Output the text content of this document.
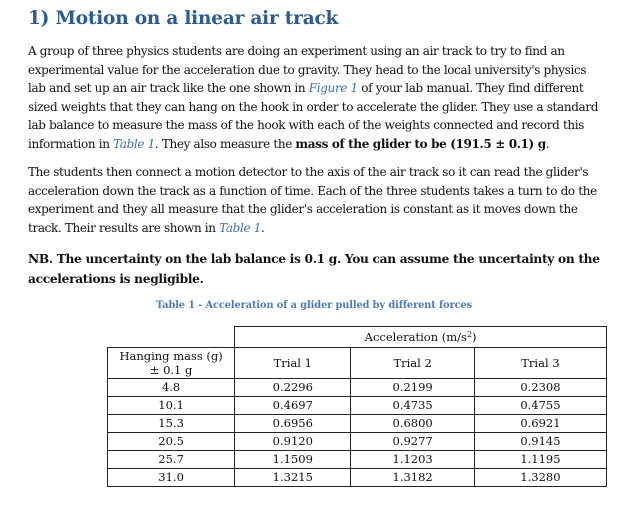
1) Motion on a linear air track

A group of three physics students are doing an experiment using an air track to try to find an experimental value for the acceleration due to gravity. They head to the local university's physics lab and set up an air track like the one shown in Figure 1 of your lab manual. They find different sized weights that they can hang on the hook in order to accelerate the glider. They use a standard lab balance to measure the mass of the hook with each of the weights connected and record this information in Table 1. They also measure the mass of the glider to be (191.5 ± 0.1) g.

The students then connect a motion detector to the axis of the air track so it can read the glider's acceleration down the track as a function of time. Each of the three students takes a turn to do the experiment and they all measure that the glider's acceleration is constant as it moves down the track. Their results are shown in Table 1.

NB. The uncertainty on the lab balance is 0.1 g. You can assume the uncertainty on the accelerations is negligible.

Table 1 - Acceleration of a glider pulled by different forces

	Acceleration $(m/s^2)$		
Hanging mass (g)
± 0.1 g	Trial 1	Trial 2	Trial 3
4.8	0.2296	0.2199	0.2308
10.1	0.4697	0.4735	0.4755
15.3	0.6956	0.6800	0.6921
20.5	0.9120	0.9277	0.9145
25.7	1.1509	1.1203	1.1195
31.0	1.3215	1.3182	1.3280
